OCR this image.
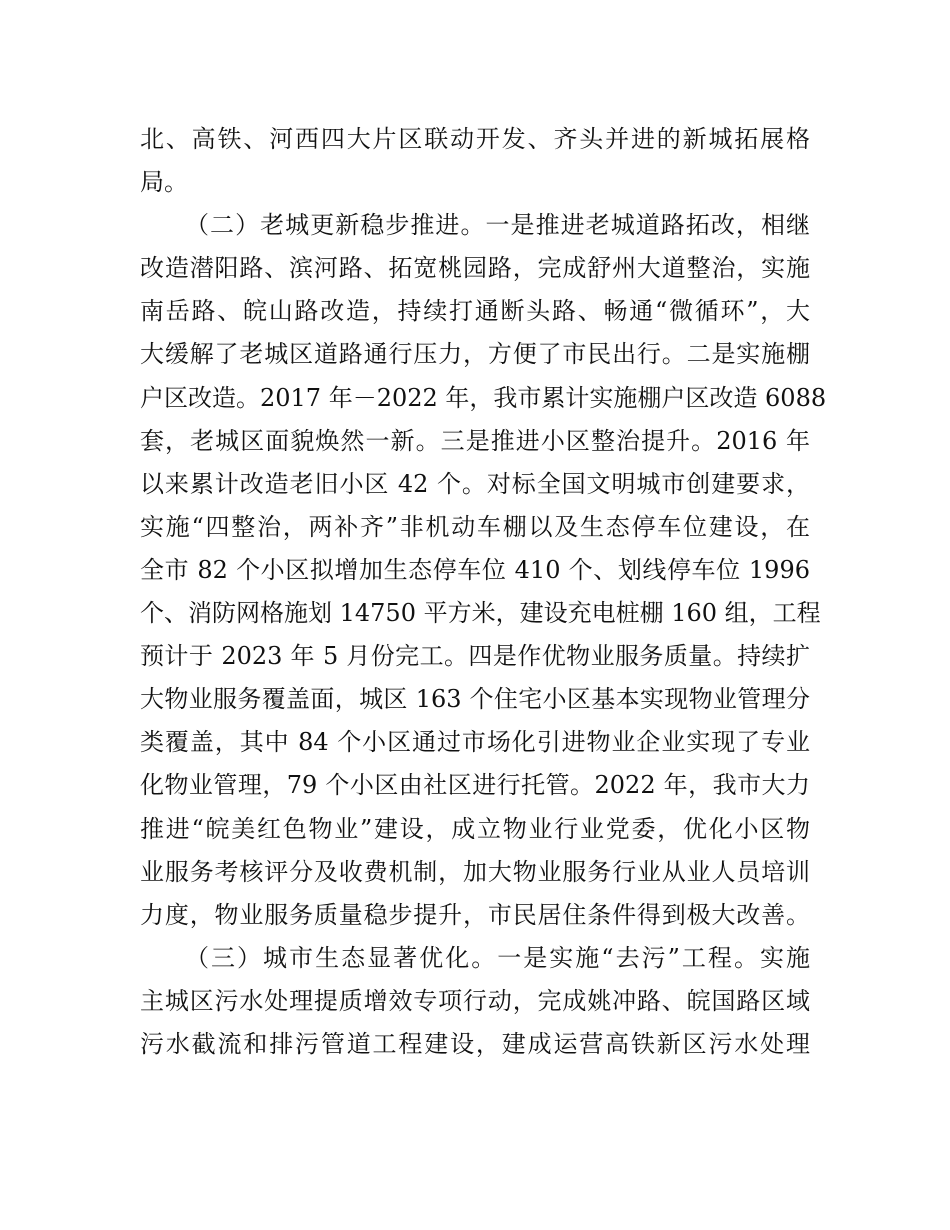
北、高铁、河西四大片区联动开发、齐头并进的新城拓展格
局。
（二）老城更新稳步推进。一是推进老城道路拓改，相继
改造潜阳路、滨河路、拓宽桃园路，完成舒州大道整治，实施
南岳路、皖山路改造，持续打通断头路、畅通“微循环”，大
大缓解了老城区道路通行压力，方便了市民出行。二是实施棚
户区改造。2017 年－2022 年，我市累计实施棚户区改造 6088
套，老城区面貌焕然一新。三是推进小区整治提升。2016 年
以来累计改造老旧小区 42 个。对标全国文明城市创建要求，
实施“四整治，两补齐”非机动车棚以及生态停车位建设，在
全市 82 个小区拟增加生态停车位 410 个、划线停车位 1996
个、消防网格施划 14750 平方米，建设充电桩棚 160 组，工程
预计于 2023 年 5 月份完工。四是作优物业服务质量。持续扩
大物业服务覆盖面，城区 163 个住宅小区基本实现物业管理分
类覆盖，其中 84 个小区通过市场化引进物业企业实现了专业
化物业管理，79 个小区由社区进行托管。2022 年，我市大力
推进“皖美红色物业”建设，成立物业行业党委，优化小区物
业服务考核评分及收费机制，加大物业服务行业从业人员培训
力度，物业服务质量稳步提升，市民居住条件得到极大改善。
（三）城市生态显著优化。一是实施“去污”工程。实施
主城区污水处理提质增效专项行动，完成姚冲路、皖国路区域
污水截流和排污管道工程建设，建成运营高铁新区污水处理
